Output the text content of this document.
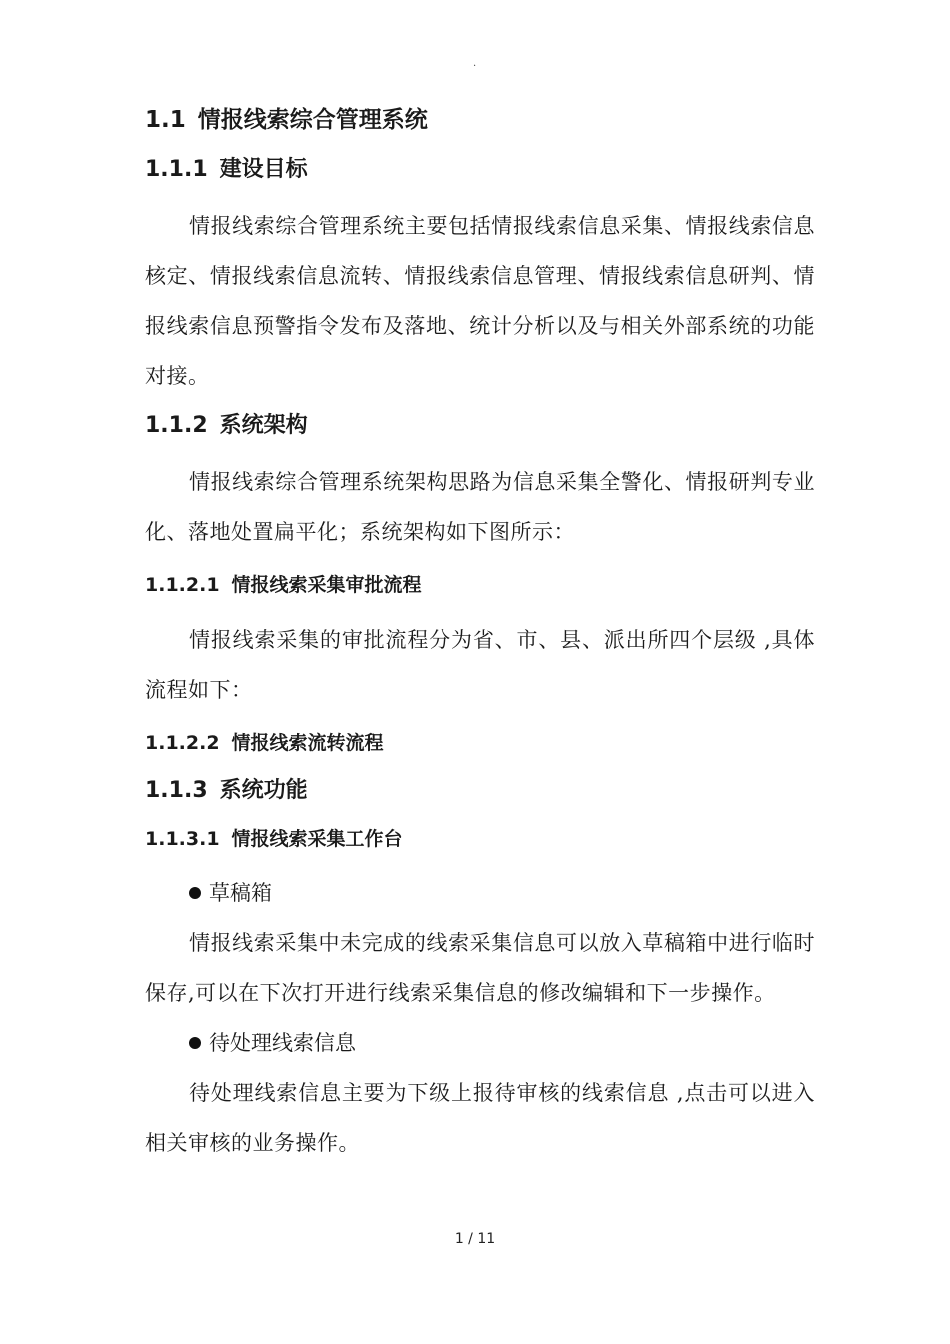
.
1.1 情报线索综合管理系统
1.1.1 建设目标

情报线索综合管理系统主要包括情报线索信息采集、情报线索信息核定、情报线索信息流转、情报线索信息管理、情报线索信息研判、情报线索信息预警指令发布及落地、统计分析以及与相关外部系统的功能对接。

1.1.2 系统架构

情报线索综合管理系统架构思路为信息采集全警化、情报研判专业化、落地处置扁平化；系统架构如下图所示：

1.1.2.1 情报线索采集审批流程

情报线索采集的审批流程分为省、市、县、派出所四个层级 ,具体流程如下：

1.1.2.2 情报线索流转流程
1.1.3 系统功能
1.1.3.1 情报线索采集工作台
草稿箱

情报线索采集中未完成的线索采集信息可以放入草稿箱中进行临时保存,可以在下次打开进行线索采集信息的修改编辑和下一步操作。

待处理线索信息

待处理线索信息主要为下级上报待审核的线索信息 ,点击可以进入相关审核的业务操作。

1 / 11
